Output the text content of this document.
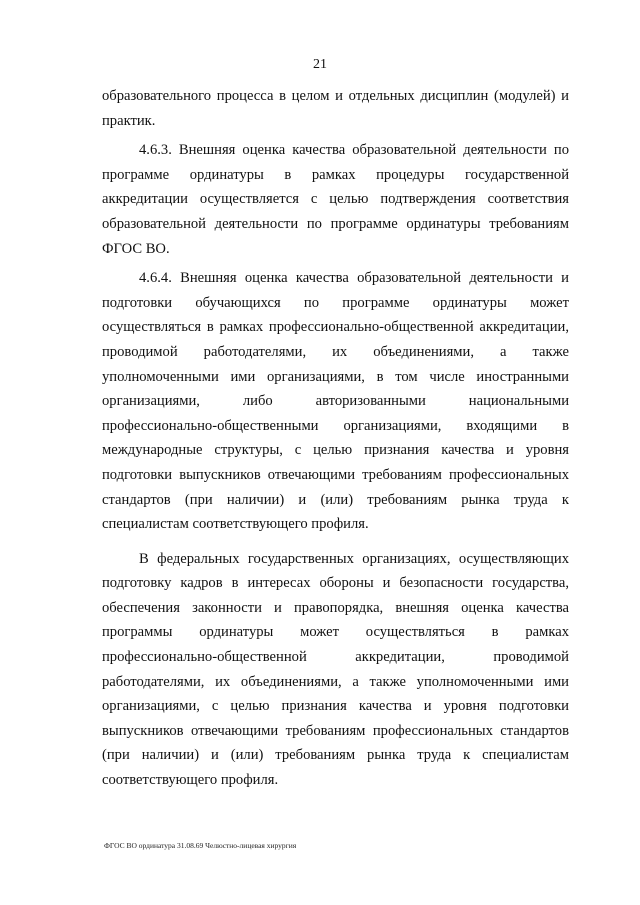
21

образовательного процесса в целом и отдельных дисциплин (модулей) и практик.

4.6.3. Внешняя оценка качества образовательной деятельности по программе ординатуры в рамках процедуры государственной аккредитации осуществляется с целью подтверждения соответствия образовательной деятельности по программе ординатуры требованиям ФГОС ВО.

4.6.4. Внешняя оценка качества образовательной деятельности и подготовки обучающихся по программе ординатуры может осуществляться в рамках профессионально-общественной аккредитации, проводимой работодателями, их объединениями, а также уполномоченными ими организациями, в том числе иностранными организациями, либо авторизованными национальными профессионально-общественными организациями, входящими в международные структуры, с целью признания качества и уровня подготовки выпускников отвечающими требованиям профессиональных стандартов (при наличии) и (или) требованиям рынка труда к специалистам соответствующего профиля.

В федеральных государственных организациях, осуществляющих подготовку кадров в интересах обороны и безопасности государства, обеспечения законности и правопорядка, внешняя оценка качества программы ординатуры может осуществляться в рамках профессионально-общественной аккредитации, проводимой работодателями, их объединениями, а также уполномоченными ими организациями, с целью признания качества и уровня подготовки выпускников отвечающими требованиям профессиональных стандартов (при наличии) и (или) требованиям рынка труда к специалистам соответствующего профиля.

ФГОС ВО ординатура 31.08.69 Челюстно-лицевая хирургия
